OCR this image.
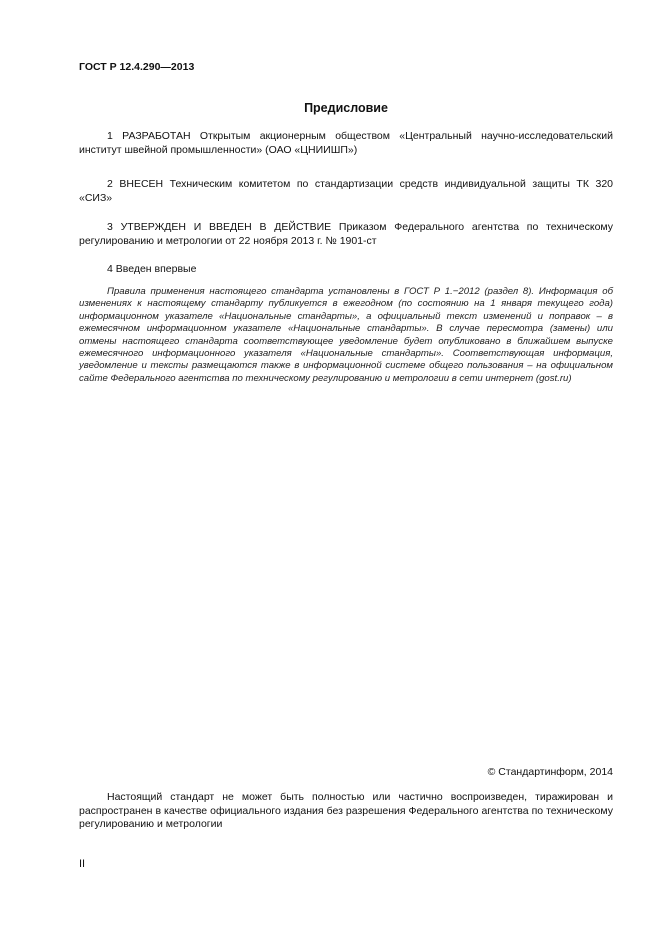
ГОСТ Р 12.4.290—2013
Предисловие
1 РАЗРАБОТАН Открытым акционерным обществом «Центральный научно-исследовательский институт швейной промышленности» (ОАО «ЦНИИШП»)
2 ВНЕСЕН Техническим комитетом по стандартизации средств индивидуальной защиты ТК 320 «СИЗ»
3 УТВЕРЖДЕН И ВВЕДЕН В ДЕЙСТВИЕ Приказом Федерального агентства по техническому регулированию и метрологии от 22 ноября 2013 г. № 1901-ст
4 Введен впервые
Правила применения настоящего стандарта установлены в ГОСТ Р 1.−2012 (раздел 8). Информация об изменениях к настоящему стандарту публикуется в ежегодном (по состоянию на 1 января текущего года) информационном указателе «Национальные стандарты», а официальный текст изменений и поправок – в ежемесячном информационном указателе «Национальные стандарты». В случае пересмотра (замены) или отмены настоящего стандарта соответствующее уведомление будет опубликовано в ближайшем выпуске ежемесячного информационного указателя «Национальные стандарты». Соответствующая информация, уведомление и тексты размещаются также в информационной системе общего пользования – на официальном сайте Федерального агентства по техническому регулированию и метрологии в сети интернет (gost.ru)
© Стандартинформ, 2014
Настоящий стандарт не может быть полностью или частично воспроизведен, тиражирован и распространен в качестве официального издания без разрешения Федерального агентства по техническому регулированию и метрологии
II
